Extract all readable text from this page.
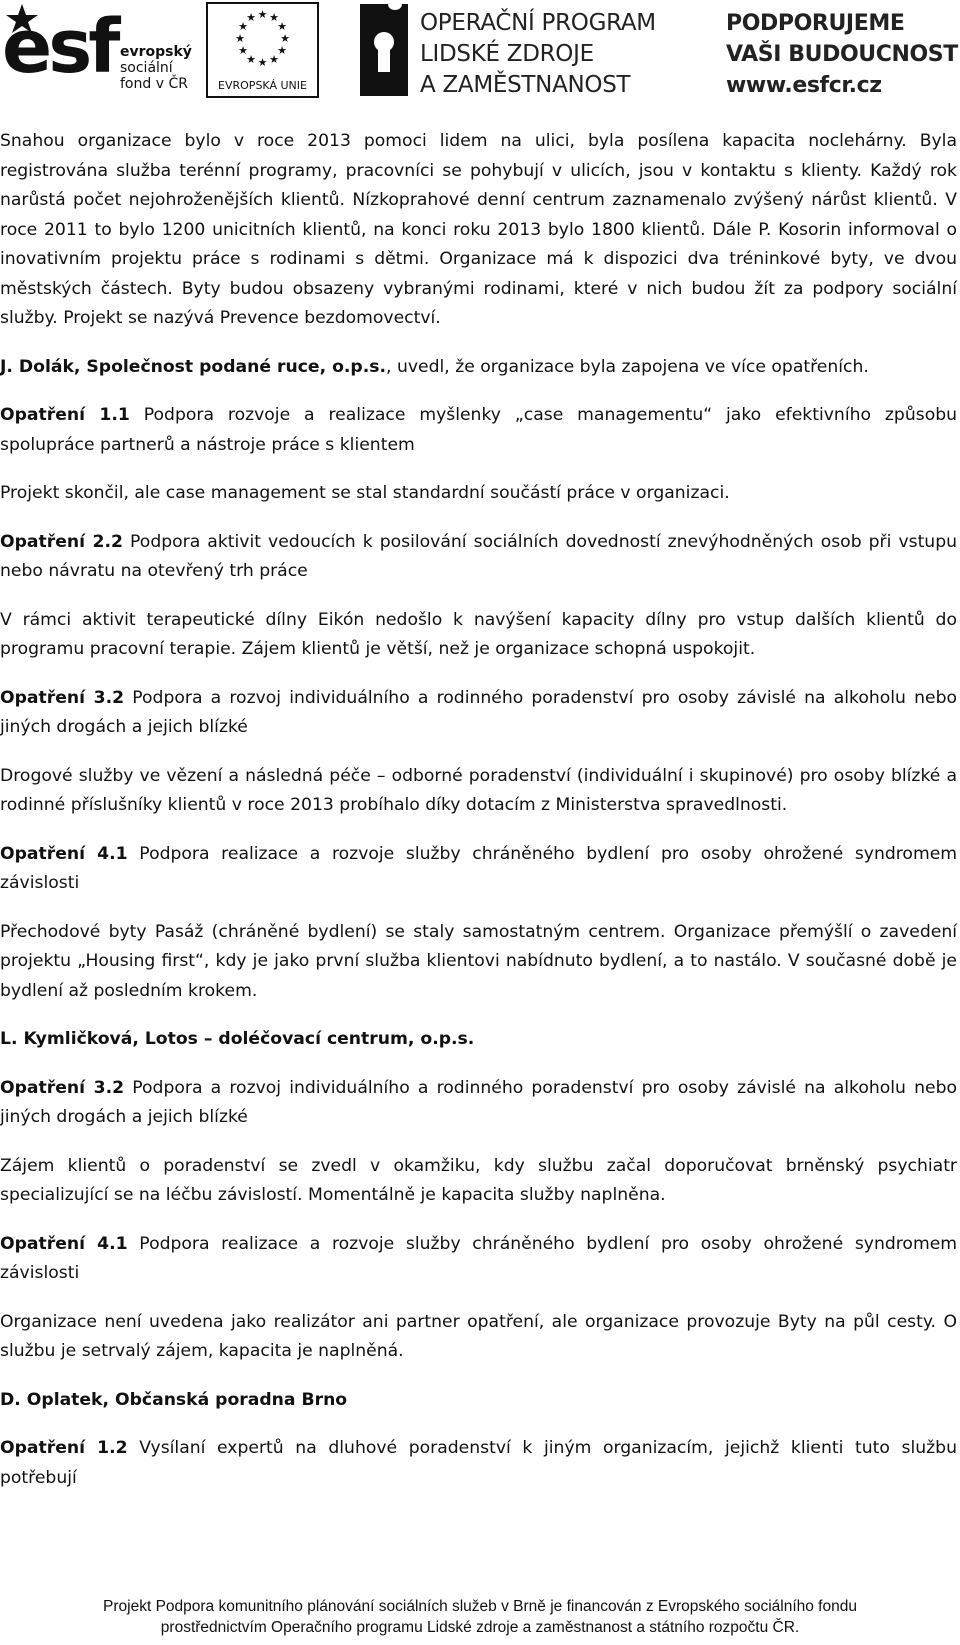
esf evropský
sociální
fond v ČR
★ ★
★
★
★
★
★
★
★
★
★
★
EVROPSKÁ UNIE
OPERAČNÍ PROGRAM
LIDSKÉ ZDROJE
A ZAMĚSTNANOST
PODPORUJEME
VAŠI BUDOUCNOST
www.esfcr.cz

Snahou organizace bylo v roce 2013 pomoci lidem na ulici, byla posílena kapacita noclehárny. Byla registrována služba terénní programy, pracovníci se pohybují v ulicích, jsou v kontaktu s klienty. Každý rok narůstá počet nejohroženějších klientů. Nízkoprahové denní centrum zaznamenalo zvýšený nárůst klientů. V roce 2011 to bylo 1200 unicitních klientů, na konci roku 2013 bylo 1800 klientů. Dále P. Kosorin informoval o inovativním projektu práce s rodinami s dětmi. Organizace má k dispozici dva tréninkové byty, ve dvou městských částech. Byty budou obsazeny vybranými rodinami, které v nich budou žít za podpory sociální služby. Projekt se nazývá Prevence bezdomovectví.

J. Dolák, Společnost podané ruce, o.p.s., uvedl, že organizace byla zapojena ve více opatřeních.

Opatření 1.1 Podpora rozvoje a realizace myšlenky „case managementu“ jako efektivního způsobu spolupráce partnerů a nástroje práce s klientem

Projekt skončil, ale case management se stal standardní součástí práce v organizaci.

Opatření 2.2 Podpora aktivit vedoucích k posilování sociálních dovedností znevýhodněných osob při vstupu nebo návratu na otevřený trh práce

V rámci aktivit terapeutické dílny Eikón nedošlo k navýšení kapacity dílny pro vstup dalších klientů do programu pracovní terapie. Zájem klientů je větší, než je organizace schopná uspokojit.

Opatření 3.2 Podpora a rozvoj individuálního a rodinného poradenství pro osoby závislé na alkoholu nebo jiných drogách a jejich blízké

Drogové služby ve vězení a následná péče – odborné poradenství (individuální i skupinové) pro osoby blízké a rodinné příslušníky klientů v roce 2013 probíhalo díky dotacím z Ministerstva spravedlnosti.

Opatření 4.1 Podpora realizace a rozvoje služby chráněného bydlení pro osoby ohrožené syndromem závislosti

Přechodové byty Pasáž (chráněné bydlení) se staly samostatným centrem. Organizace přemýšlí o zavedení projektu „Housing first“, kdy je jako první služba klientovi nabídnuto bydlení, a to nastálo. V současné době je bydlení až posledním krokem.

L. Kymličková, Lotos – doléčovací centrum, o.p.s.

Opatření 3.2 Podpora a rozvoj individuálního a rodinného poradenství pro osoby závislé na alkoholu nebo jiných drogách a jejich blízké

Zájem klientů o poradenství se zvedl v okamžiku, kdy službu začal doporučovat brněnský psychiatr specializující se na léčbu závislostí. Momentálně je kapacita služby naplněna.

Opatření 4.1 Podpora realizace a rozvoje služby chráněného bydlení pro osoby ohrožené syndromem závislosti

Organizace není uvedena jako realizátor ani partner opatření, ale organizace provozuje Byty na půl cesty. O službu je setrvalý zájem, kapacita je naplněná.

D. Oplatek, Občanská poradna Brno

Opatření 1.2 Vysílaní expertů na dluhové poradenství k jiným organizacím, jejichž klienti tuto službu potřebují

Projekt Podpora komunitního plánování sociálních služeb v Brně je financován z Evropského sociálního fondu
prostřednictvím Operačního programu Lidské zdroje a zaměstnanost a státního rozpočtu ČR.
